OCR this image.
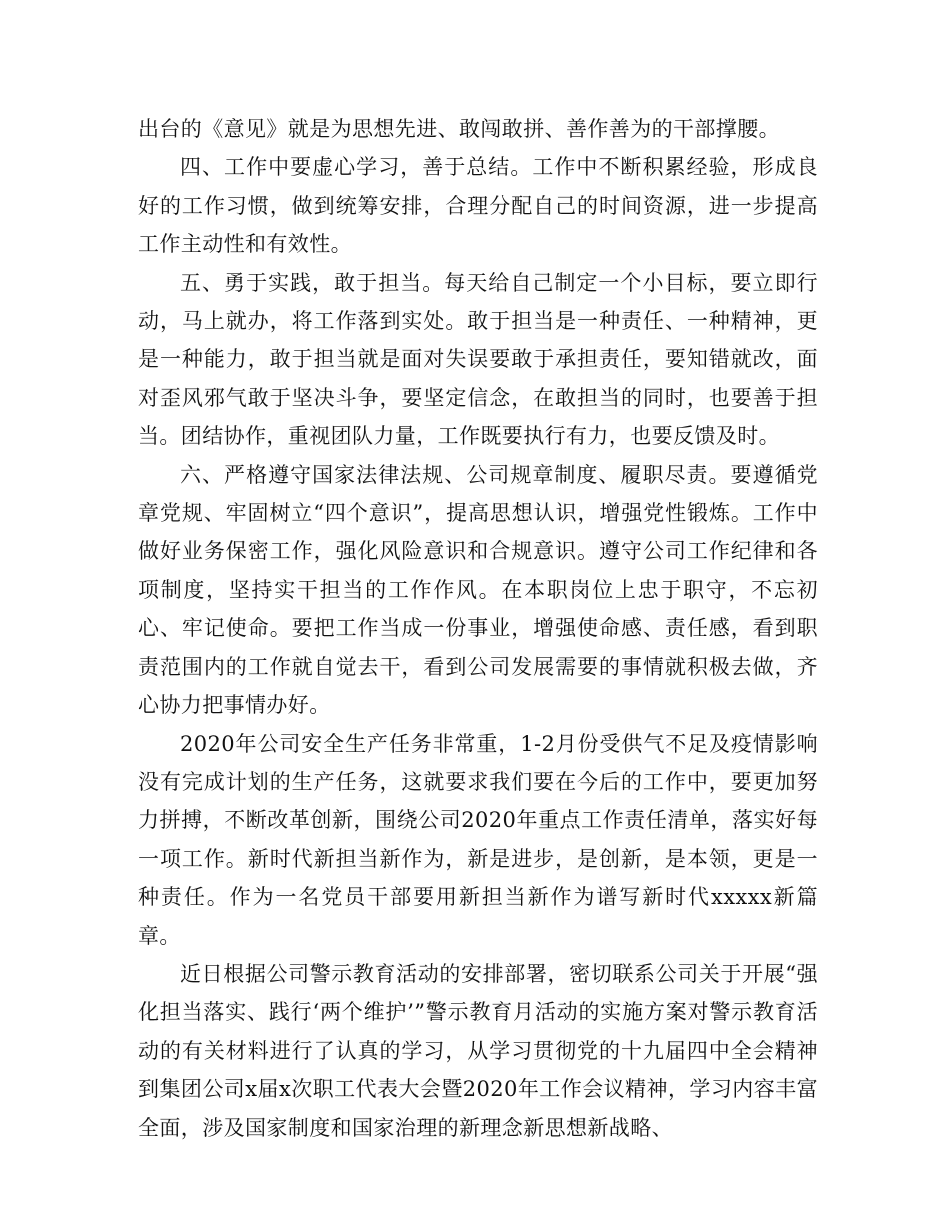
出台的《意见》就是为思想先进、敢闯敢拼、善作善为的干部撑腰。

四、工作中要虚心学习，善于总结。工作中不断积累经验，形成良好的工作习惯，做到统筹安排，合理分配自己的时间资源，进一步提高工作主动性和有效性。

五、勇于实践，敢于担当。每天给自己制定一个小目标，要立即行动，马上就办，将工作落到实处。敢于担当是一种责任、一种精神，更是一种能力，敢于担当就是面对失误要敢于承担责任，要知错就改，面对歪风邪气敢于坚决斗争，要坚定信念，在敢担当的同时，也要善于担当。团结协作，重视团队力量，工作既要执行有力，也要反馈及时。

六、严格遵守国家法律法规、公司规章制度、履职尽责。要遵循党章党规、牢固树立“四个意识”，提高思想认识，增强党性锻炼。工作中做好业务保密工作，强化风险意识和合规意识。遵守公司工作纪律和各项制度，坚持实干担当的工作作风。在本职岗位上忠于职守，不忘初心、牢记使命。要把工作当成一份事业，增强使命感、责任感，看到职责范围内的工作就自觉去干，看到公司发展需要的事情就积极去做，齐心协力把事情办好。

2020年公司安全生产任务非常重，1-2月份受供气不足及疫情影响没有完成计划的生产任务，这就要求我们要在今后的工作中，要更加努力拼搏，不断改革创新，围绕公司2020年重点工作责任清单，落实好每一项工作。新时代新担当新作为，新是进步，是创新，是本领，更是一种责任。作为一名党员干部要用新担当新作为谱写新时代xxxxx新篇章。

近日根据公司警示教育活动的安排部署，密切联系公司关于开展“强化担当落实、践行‘两个维护’”警示教育月活动的实施方案对警示教育活动的有关材料进行了认真的学习，从学习贯彻党的十九届四中全会精神到集团公司x届x次职工代表大会暨2020年工作会议精神，学习内容丰富全面，涉及国家制度和国家治理的新理念新思想新战略、
